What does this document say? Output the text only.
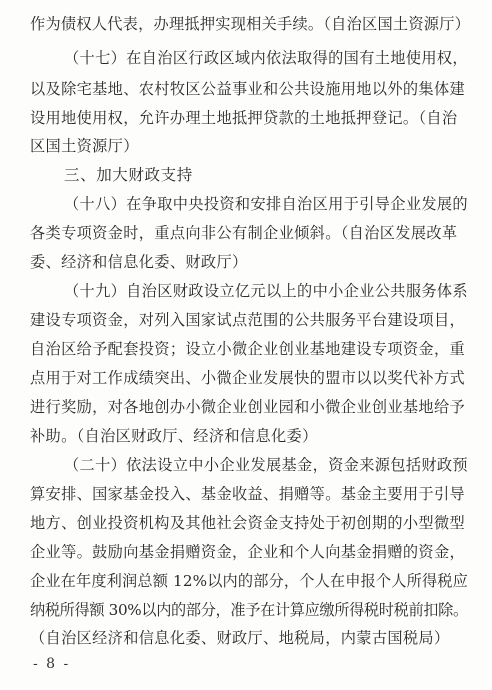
作为债权人代表，办理抵押实现相关手续。（自治区国土资源厅）
（十七）在自治区行政区域内依法取得的国有土地使用权，
以及除宅基地、农村牧区公益事业和公共设施用地以外的集体建
设用地使用权，允许办理土地抵押贷款的土地抵押登记。（自治
区国土资源厅）
三、加大财政支持
（十八）在争取中央投资和安排自治区用于引导企业发展的
各类专项资金时，重点向非公有制企业倾斜。（自治区发展改革
委、经济和信息化委、财政厅）
（十九）自治区财政设立亿元以上的中小企业公共服务体系
建设专项资金，对列入国家试点范围的公共服务平台建设项目，
自治区给予配套投资；设立小微企业创业基地建设专项资金，重
点用于对工作成绩突出、小微企业发展快的盟市以以奖代补方式
进行奖励，对各地创办小微企业创业园和小微企业创业基地给予
补助。（自治区财政厅、经济和信息化委）
（二十）依法设立中小企业发展基金，资金来源包括财政预
算安排、国家基金投入、基金收益、捐赠等。基金主要用于引导
地方、创业投资机构及其他社会资金支持处于初创期的小型微型
企业等。鼓励向基金捐赠资金，企业和个人向基金捐赠的资金，
企业在年度利润总额 12%以内的部分，个人在申报个人所得税应
纳税所得额 30%以内的部分，准予在计算应缴所得税时税前扣除。
（自治区经济和信息化委、财政厅、地税局，内蒙古国税局）
- 8 -
